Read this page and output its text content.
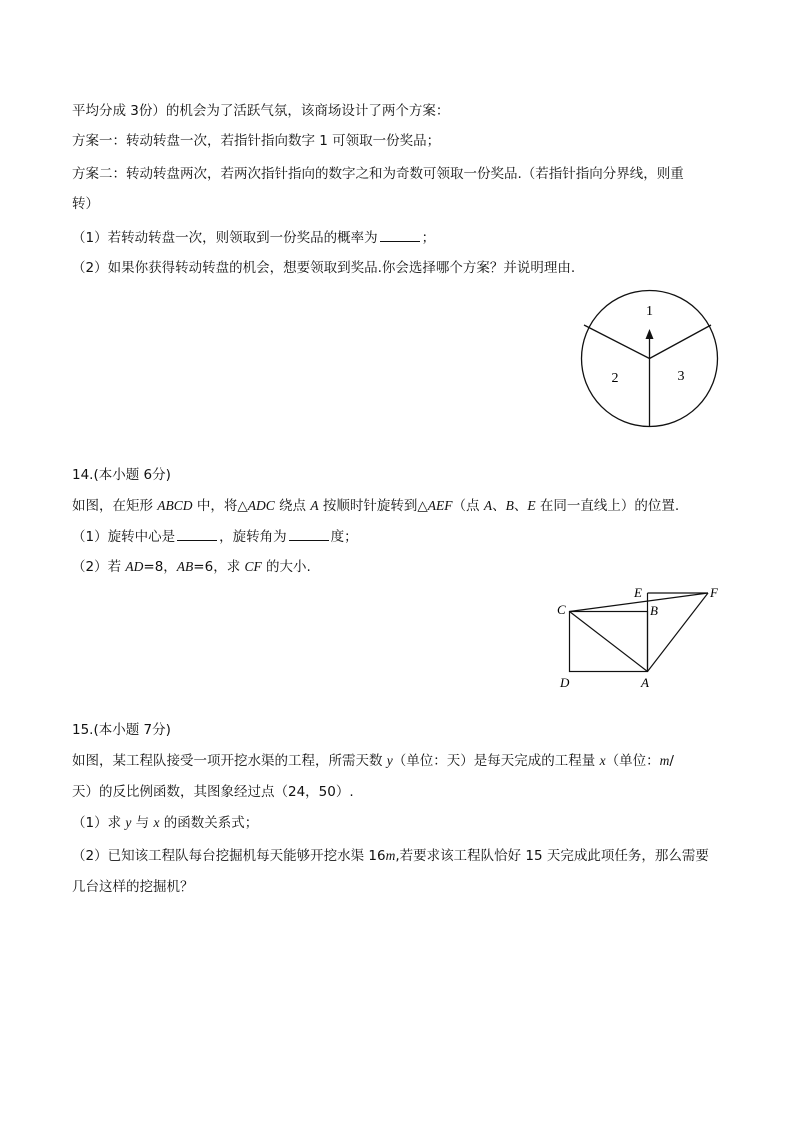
平均分成 3份）的机会为了活跃气氛，该商场设计了两个方案：
方案一：转动转盘一次，若指针指向数字 1 可领取一份奖品；
方案二：转动转盘两次，若两次指针指向的数字之和为奇数可领取一份奖品.（若指针指向分界线，则重
转）
（1）若转动转盘一次，则领取到一份奖品的概率为	；
（2）如果你获得转动转盘的机会，想要领取到奖品.你会选择哪个方案？并说明理由.
1
2	3
14.(本小题 6分)
如图，在矩形 ABCD 中，将△ADC 绕点 A 按顺时针旋转到△AEF（点 A、B、E 在同一直线上）的位置.
（1）旋转中心是	，旋转角为	度；
（2）若 AD=8，AB=6，求 CF 的大小.
C
E	F
B
D	A
15.(本小题 7分)
如图，某工程队接受一项开挖水渠的工程，所需天数 y（单位：天）是每天完成的工程量 x（单位：m/
天）的反比例函数，其图象经过点（24，50）.
（1）求 y 与 x 的函数关系式；
（2）已知该工程队每台挖掘机每天能够开挖水渠 16m,若要求该工程队恰好 15 天完成此项任务，那么需要
几台这样的挖掘机？
